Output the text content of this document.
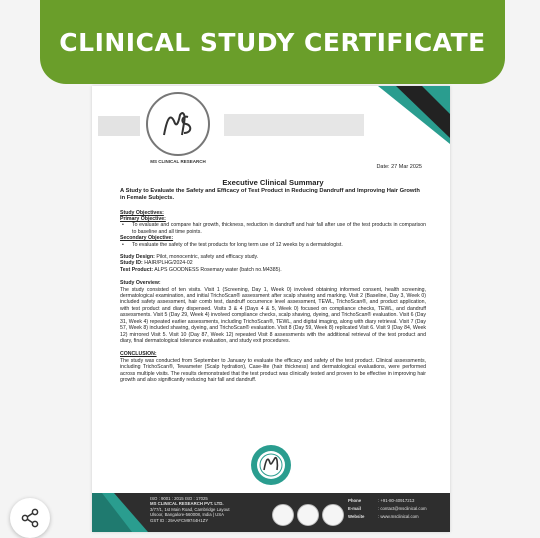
CLINICAL STUDY CERTIFICATE
MS CLINICAL RESEARCH
Date: 27 Mar 2025
Executive Clinical Summary
A Study to Evaluate the Safety and Efficacy of Test Product in Reducing Dandruff and Improving Hair Growth in Female Subjects.
Study Objectives:
Primary Objective:
• To evaluate and compare hair growth, thickness, reduction in dandruff and hair fall after use of the test products in comparison to baseline and all time points.
Secondary Objective:
• To evaluate the safety of the test products for long term use of 12 weeks by a dermatologist.
Study Design: Pilot, monocentric, safety and efficacy study.
Study ID: HAIR/PLHG/2024-02
Test Product: ALPS GOODNESS Rosemary water (batch no.M4385).
Study Overview:
The study consisted of ten visits. Visit 1 (Screening, Day 1, Week 0) involved obtaining informed consent, health screening, dermatological examination, and initial TrichoScan® assessment after scalp shaving and marking. Visit 2 (Baseline, Day 3, Week 0) included safety assessment, hair comb test, dandruff occurrence level assessment, TEWL, TrichoScan®, and product application, with test product and diary dispensed. Visits 3 & 4 (Days 4 & 5, Week 0) focused on compliance checks, TEWL, and dandruff assessments. Visit 5 (Day 29, Week 4) involved compliance checks, scalp shaving, dyeing, and TrichoScan® evaluation. Visit 6 (Day 31, Week 4) repeated earlier assessments, including TrichoScan®, TEWL, and digital imaging, along with diary retrieval. Visit 7 (Day 57, Week 8) included shaving, dyeing, and TrichoScan® evaluation. Visit 8 (Day 59, Week 8) replicated Visit 6. Visit 9 (Day 84, Week 12) mirrored Visit 5. Visit 10 (Day 87, Week 12) repeated Visit 8 assessments with the additional retrieval of the test product and diary, final dermatological tolerance evaluation, and study exit procedures.
CONCLUSION:
The study was conducted from September to January to evaluate the efficacy and safety of the test product. Clinical assessments, including TrichoScan®, Tewameter (Scalp hydration), Case-lite (hair thickness) and dermatological evaluations, were performed across multiple visits. The results demonstrated that the test product was clinically tested and proven to be effective in improving hair growth and also significantly reducing hair fall and dandruff.
ISO : 9001 : 2015 ISO : 17025
MS CLINICAL RESEARCH PVT. LTD.
3/77/1, 1st Main Road, Cambridge Layout
Ulsoor, Bangalore-560008, India | USA
GST ID : 29AAFCM9744H1ZY
Phone	: +91-80-40917213
E-mail	: contact@msclinical.com
Website	: www.msclinical.com
